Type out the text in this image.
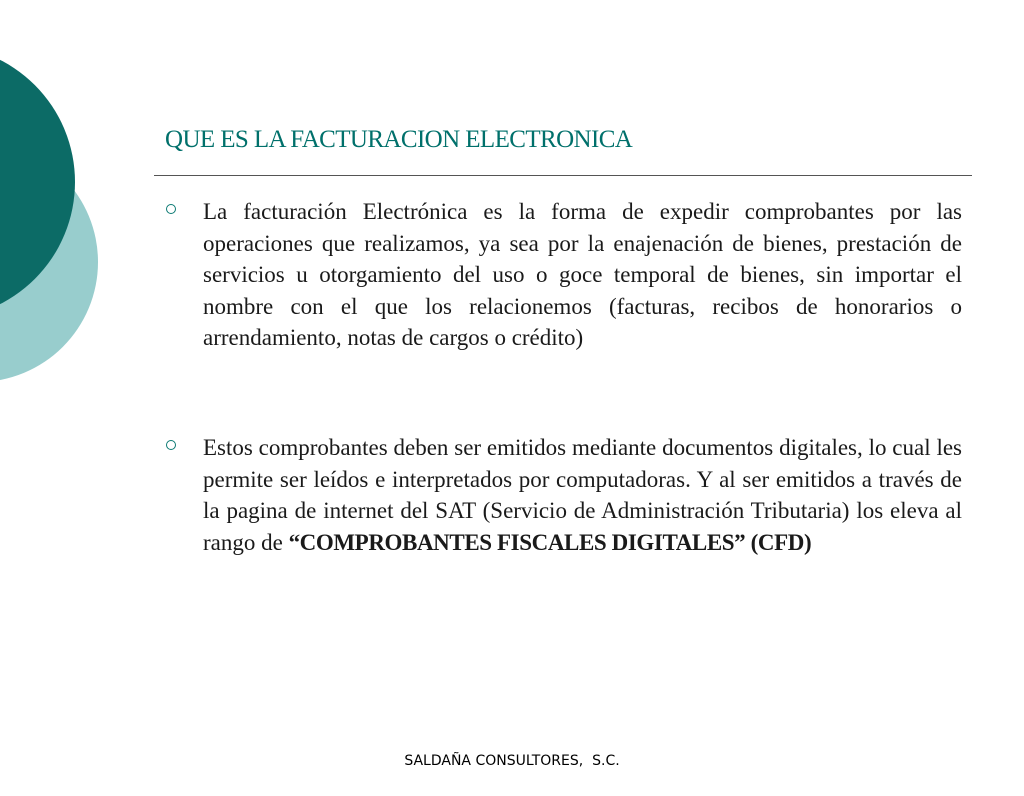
QUE ES LA FACTURACION ELECTRONICA
La facturación Electrónica es la forma de expedir comprobantes por las operaciones que realizamos, ya sea por la enajenación de bienes, prestación de servicios u otorgamiento del uso o goce temporal de bienes, sin importar el nombre con el que los relacionemos (facturas, recibos de honorarios o arrendamiento, notas de cargos o crédito)
Estos comprobantes deben ser emitidos mediante documentos digitales, lo cual les permite ser leídos e interpretados por computadoras. Y al ser emitidos a través de la pagina de internet del SAT (Servicio de Administración Tributaria) los eleva al rango de “COMPROBANTES FISCALES DIGITALES” (CFD)
SALDAÑA CONSULTORES,  S.C.
